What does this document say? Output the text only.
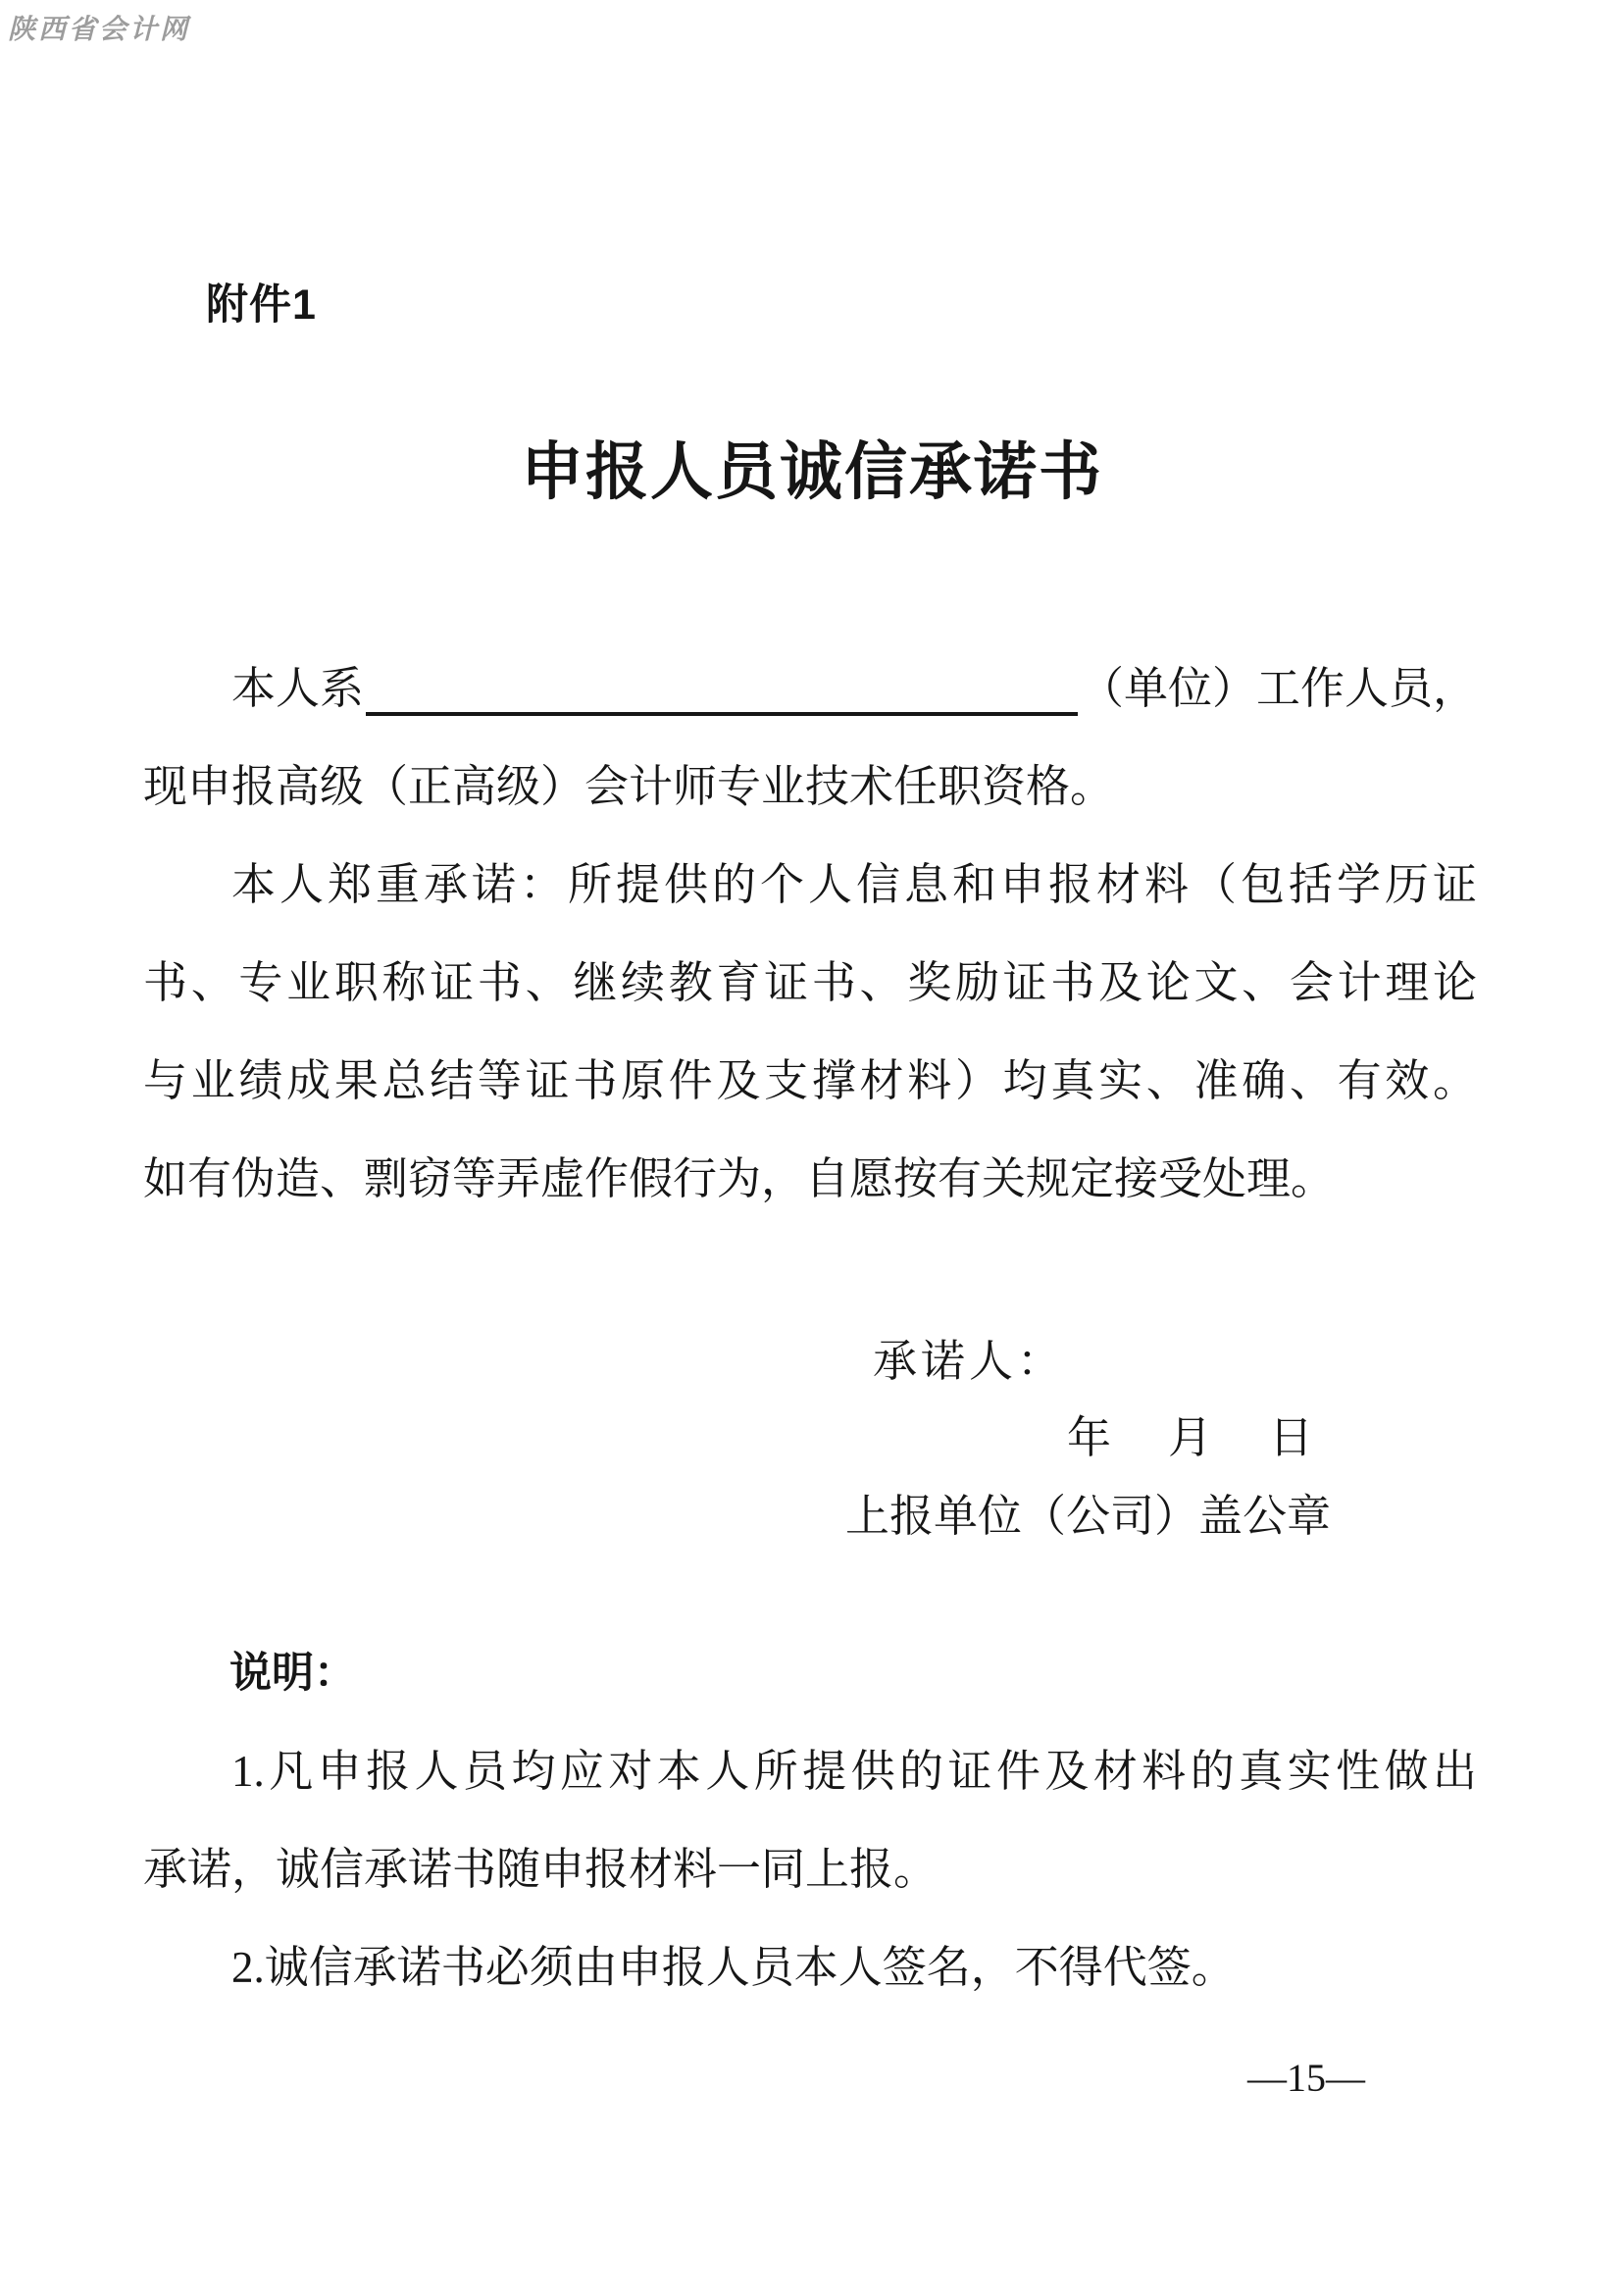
陕西省会计网
附件1
申报人员诚信承诺书
本人系	（单位）工作人员，
现申报高级（正高级）会计师专业技术任职资格。
本人郑重承诺：所提供的个人信息和申报材料（包括学历证
书、专业职称证书、继续教育证书、奖励证书及论文、会计理论
与业绩成果总结等证书原件及支撑材料）均真实、准确、有效。
如有伪造、剽窃等弄虚作假行为，自愿按有关规定接受处理。
承诺人：
年 月 日
上报单位（公司）盖公章
说明：
1.凡申报人员均应对本人所提供的证件及材料的真实性做出
承诺，诚信承诺书随申报材料一同上报。
2.诚信承诺书必须由申报人员本人签名，不得代签。
—15—
